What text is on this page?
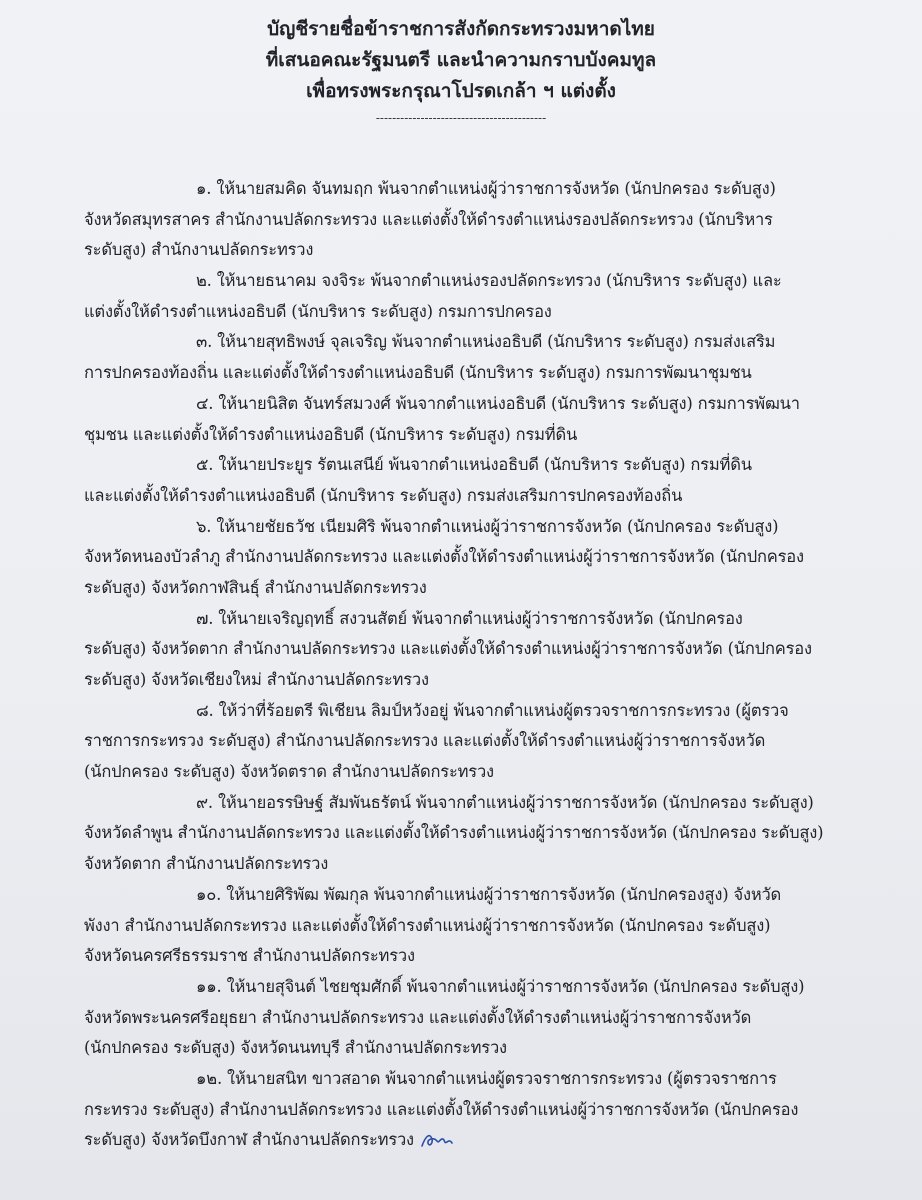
บัญชีรายชื่อข้าราชการสังกัดกระทรวงมหาดไทย
ที่เสนอคณะรัฐมนตรี และนำความกราบบังคมทูล
เพื่อทรงพระกรุณาโปรดเกล้า ฯ แต่งตั้ง
------------------------------------------
๑. ให้นายสมคิด จันทมฤก พ้นจากตำแหน่งผู้ว่าราชการจังหวัด (นักปกครอง ระดับสูง)
จังหวัดสมุทรสาคร สำนักงานปลัดกระทรวง และแต่งตั้งให้ดำรงตำแหน่งรองปลัดกระทรวง (นักบริหาร
ระดับสูง) สำนักงานปลัดกระทรวง
๒. ให้นายธนาคม จงจิระ พ้นจากตำแหน่งรองปลัดกระทรวง (นักบริหาร ระดับสูง) และ
แต่งตั้งให้ดำรงตำแหน่งอธิบดี (นักบริหาร ระดับสูง) กรมการปกครอง
๓. ให้นายสุทธิพงษ์ จุลเจริญ พ้นจากตำแหน่งอธิบดี (นักบริหาร ระดับสูง) กรมส่งเสริม
การปกครองท้องถิ่น และแต่งตั้งให้ดำรงตำแหน่งอธิบดี (นักบริหาร ระดับสูง) กรมการพัฒนาชุมชน
๔. ให้นายนิสิต จันทร์สมวงศ์ พ้นจากตำแหน่งอธิบดี (นักบริหาร ระดับสูง) กรมการพัฒนา
ชุมชน และแต่งตั้งให้ดำรงตำแหน่งอธิบดี (นักบริหาร ระดับสูง) กรมที่ดิน
๕. ให้นายประยูร รัตนเสนีย์ พ้นจากตำแหน่งอธิบดี (นักบริหาร ระดับสูง) กรมที่ดิน
และแต่งตั้งให้ดำรงตำแหน่งอธิบดี (นักบริหาร ระดับสูง) กรมส่งเสริมการปกครองท้องถิ่น
๖. ให้นายชัยธวัช เนียมศิริ พ้นจากตำแหน่งผู้ว่าราชการจังหวัด (นักปกครอง ระดับสูง)
จังหวัดหนองบัวลำภู สำนักงานปลัดกระทรวง และแต่งตั้งให้ดำรงตำแหน่งผู้ว่าราชการจังหวัด (นักปกครอง
ระดับสูง) จังหวัดกาฬสินธุ์ สำนักงานปลัดกระทรวง
๗. ให้นายเจริญฤทธิ์ สงวนสัตย์ พ้นจากตำแหน่งผู้ว่าราชการจังหวัด (นักปกครอง
ระดับสูง) จังหวัดตาก สำนักงานปลัดกระทรวง และแต่งตั้งให้ดำรงตำแหน่งผู้ว่าราชการจังหวัด (นักปกครอง
ระดับสูง) จังหวัดเชียงใหม่ สำนักงานปลัดกระทรวง
๘. ให้ว่าที่ร้อยตรี พิเชียน ลิมป์หวังอยู่ พ้นจากตำแหน่งผู้ตรวจราชการกระทรวง (ผู้ตรวจ
ราชการกระทรวง ระดับสูง) สำนักงานปลัดกระทรวง และแต่งตั้งให้ดำรงตำแหน่งผู้ว่าราชการจังหวัด
(นักปกครอง ระดับสูง) จังหวัดตราด สำนักงานปลัดกระทรวง
๙. ให้นายอรรษิษฐ์ สัมพันธรัตน์ พ้นจากตำแหน่งผู้ว่าราชการจังหวัด (นักปกครอง ระดับสูง)
จังหวัดลำพูน สำนักงานปลัดกระทรวง และแต่งตั้งให้ดำรงตำแหน่งผู้ว่าราชการจังหวัด (นักปกครอง ระดับสูง)
จังหวัดตาก สำนักงานปลัดกระทรวง
๑๐. ให้นายศิริพัฒ พัฒกุล พ้นจากตำแหน่งผู้ว่าราชการจังหวัด (นักปกครองสูง) จังหวัด
พังงา สำนักงานปลัดกระทรวง และแต่งตั้งให้ดำรงตำแหน่งผู้ว่าราชการจังหวัด (นักปกครอง ระดับสูง)
จังหวัดนครศรีธรรมราช สำนักงานปลัดกระทรวง
๑๑. ให้นายสุจินต์ ไชยชุมศักดิ์ พ้นจากตำแหน่งผู้ว่าราชการจังหวัด (นักปกครอง ระดับสูง)
จังหวัดพระนครศรีอยุธยา สำนักงานปลัดกระทรวง และแต่งตั้งให้ดำรงตำแหน่งผู้ว่าราชการจังหวัด
(นักปกครอง ระดับสูง) จังหวัดนนทบุรี สำนักงานปลัดกระทรวง
๑๒. ให้นายสนิท ขาวสอาด พ้นจากตำแหน่งผู้ตรวจราชการกระทรวง (ผู้ตรวจราชการ
กระทรวง ระดับสูง) สำนักงานปลัดกระทรวง และแต่งตั้งให้ดำรงตำแหน่งผู้ว่าราชการจังหวัด (นักปกครอง
ระดับสูง) จังหวัดบึงกาฬ สำนักงานปลัดกระทรวง
